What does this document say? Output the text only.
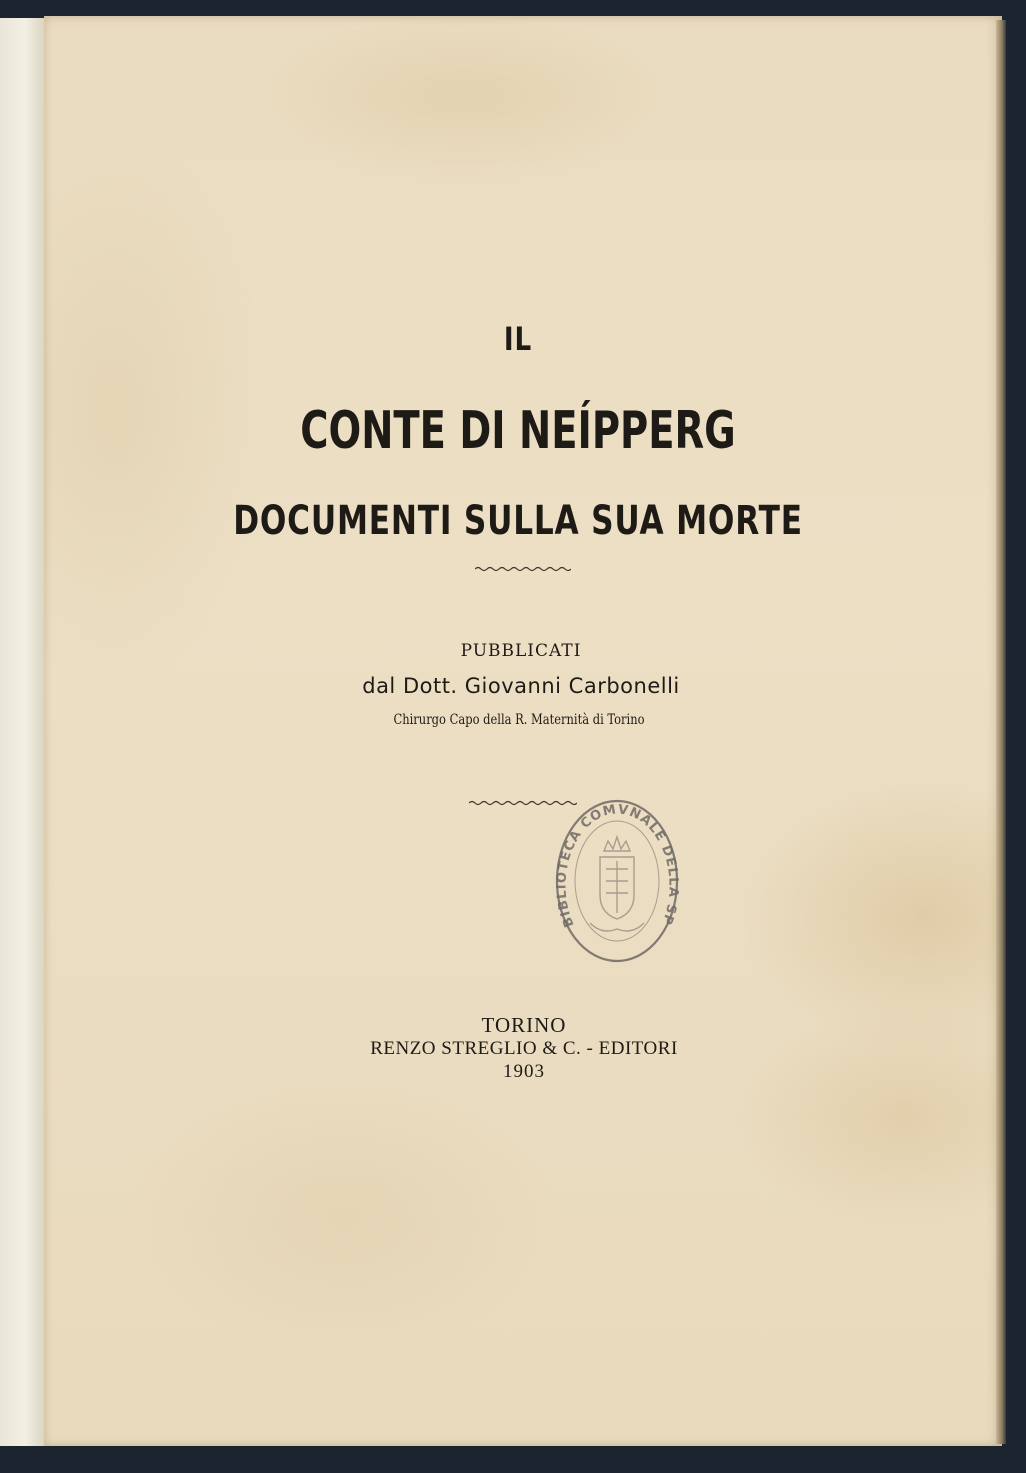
IL
CONTE DI NEÍPPERG
DOCUMENTI SULLA SUA MORTE
PUBBLICATI
dal Dott. Giovanni Carbonelli
Chirurgo Capo della R. Maternità di Torino
BIBLIOTECA COMVNALE DELLA SP
TORINO
RENZO STREGLIO & C. - EDITORI
1903
